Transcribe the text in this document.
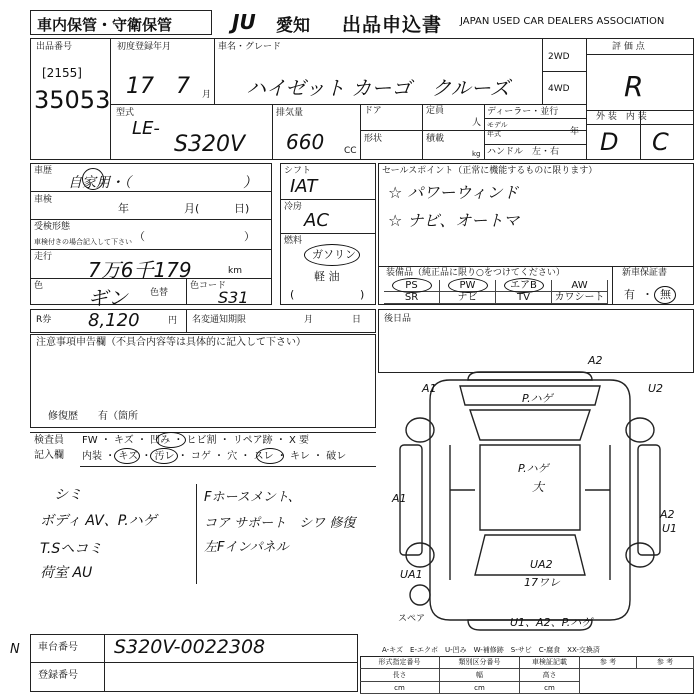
車内保管・守衛保管	JU 愛知 出品申込書 JAPAN USED CAR DEALERS ASSOCIATION
出品番号
[2155]
35053
初度登録年月
17 7 月
車名・グレード
ハイゼット カーゴ　クルーズ
2WD
4WD
評 価 点
R
型式
LE-
S320V
排気量
660 CC
ドア	定員
人
ディーラー・並行
モデル
年式	年
形状	積載
kg ハンドル　左・右
外 装　内 装
D C
車歴
自家用・（　　　　　　　　）
車検
年	月(	日)
受検形態
車検付きの場合記入して下さい （　　　　　　　　　）
走行
7万6千179	km
色 ギン 色替
色コード
S31
シフト
IAT
冷房
AC
燃料
ガソリン
軽 油
(	)
セールスポイント（正常に機能するものに限ります）
☆ パワーウィンド
☆ ナビ、オートマ
装備品（純正品に限り○をつけてください）
PS	PW	エアB	AW
SR	ナビ	TV	カワシート
新車保証書
有 ・ 無
R券 8,120	円 名変通知期限	月	日	後日品
注意事項申告欄（不具合内容等は具体的に記入して下さい）
修復歴　　有（箇所
検査員
記入欄
FW ・ キズ ・ 凹み ・ ヒビ割 ・ リペア跡 ・ X 要
内装 ・ キズ ・ 汚レ ・ コゲ ・ 穴 ・ スレ ・ キレ ・ 破レ
シミ
ボディ AV、P.ハゲ
T.Sヘコミ
荷室 AU
Fホースメント、
コア サポート　シワ 修復
左Fインパネル
A2
A1	U2
P.ハゲ
P.ハゲ
大
A1
A2
U1
UA1
UA2
17ワレ
U1、A2、P.ハゲ
スペア
A-キズ　E-エクボ　U-凹み　W-補修跡　S-サビ　C-腐食　XX-交換済
N 車台番号 S320V-0022308
登録番号
形式指定番号	類別区分番号	車検証記載	参 考	参 考
長さ	幅	高さ
cm	cm	cm
